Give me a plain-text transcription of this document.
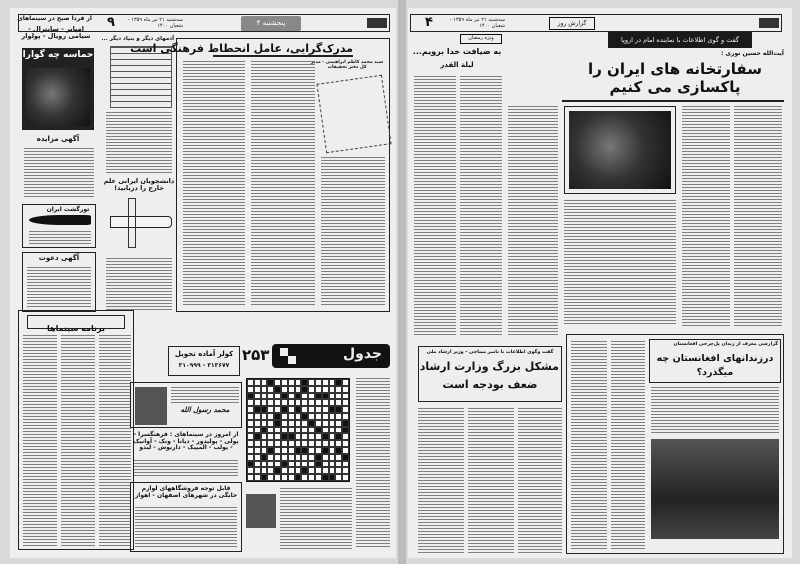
۹	سه‌شنبه ۲۱ تیر ماه ۱۳۵۹ - شعبان ۱۴۰۰	۴ پنجشنبه
از فردا صبح در سینماهای
امپایر - سانترال - سیامی رویال - پولوار
حماسه چه گوارا
آگهی مزایده
تورگشت ایران
آگهی دعوت
آدمهای دیگر و بنیاد دیگر ...
دانشجویان ایرانی علم خارج را دریابید!
مدرک‌گرایی، عامل انحطاط فرهنگی است
سید محمد کاظم ابراهیمی - مدیر کل دفتر تحقیقات
برنامه سینماها
کولر آماده تحویل
۳۱۳۶۷۷ - ۳۱۰۹۹۹
محمد رسول الله
از امروز در سینماهای : فرهنگسرا - پولی - پولیدور - دیانا - ونک - آوانیک - پولب - المپیک - داریوش - لیدو
قابل توجه فروشگاههای لوازم خانگی در شهرهای اصفهان - اهواز
جدول
۲۵۳
۴	سه‌شنبه ۲۱ تیر ماه ۱۳۵۹ - شعبان ۱۴۰۰	گزارش روز
گفت و گوی اطلاعات با نماینده امام در اروپا
آیت‌الله حسین نوری :
سفارتخانه های ایران را پاکسازی می کنیم
ویژه رمضان
به ضیافت خدا برویم...
لیلة القدر
گفت وگوی اطلاعات با ناصر میناچی - وزیر ارشاد ملی
مشکل بزرگ وزارت ارشاد
ضعف بودجه است
گزارشی معرف از زندان پل‌چرخی افغانستان
درزندانهای افغانستان چه میگذرد؟
